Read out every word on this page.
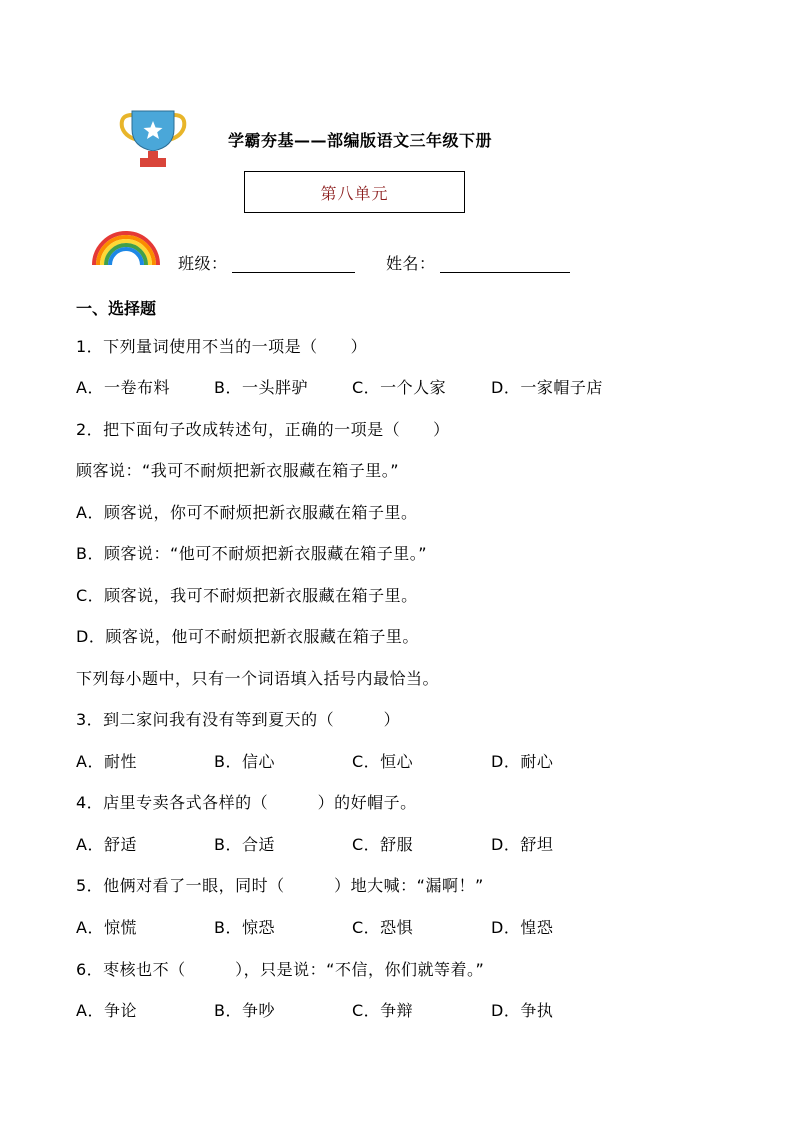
学霸夯基——部编版语文三年级下册
第八单元
班级：	姓名：
一、选择题
1．下列量词使用不当的一项是（　　）
A．一卷布料	B．一头胖驴	C．一个人家	D．一家帽子店
2．把下面句子改成转述句，正确的一项是（　　）
顾客说：“我可不耐烦把新衣服藏在箱子里。”
A．顾客说，你可不耐烦把新衣服藏在箱子里。
B．顾客说：“他可不耐烦把新衣服藏在箱子里。”
C．顾客说，我可不耐烦把新衣服藏在箱子里。
D．顾客说，他可不耐烦把新衣服藏在箱子里。
下列每小题中，只有一个词语填入括号内最恰当。
3．到二家问我有没有等到夏天的（　　　）
A．耐性	B．信心	C．恒心	D．耐心
4．店里专卖各式各样的（　　　）的好帽子。
A．舒适	B．合适	C．舒服	D．舒坦
5．他俩对看了一眼，同时（　　　）地大喊：“漏啊！”
A．惊慌	B．惊恐	C．恐惧	D．惶恐
6．枣核也不（　　　），只是说：“不信，你们就等着。”
A．争论	B．争吵	C．争辩	D．争执
